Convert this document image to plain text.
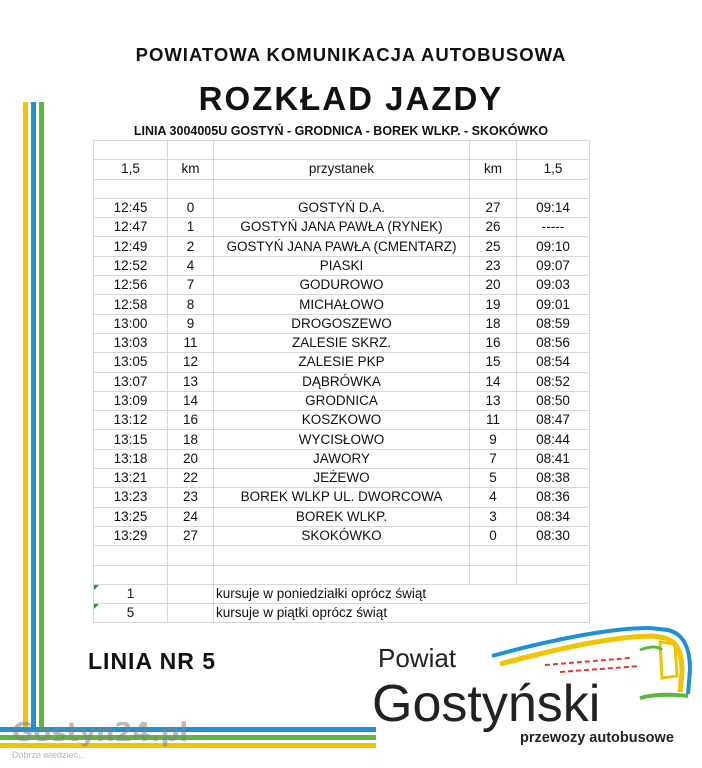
POWIATOWA KOMUNIKACJA AUTOBUSOWA
ROZKŁAD JAZDY
LINIA 3004005U GOSTYŃ - GRODNICA - BOREK WLKP. - SKOKÓWKO

1,5	km	przystanek	km	1,5

12:45	0	GOSTYŃ D.A.	27	09:14
12:47	1	GOSTYŃ JANA PAWŁA (RYNEK)	26	-----
12:49	2	GOSTYŃ JANA PAWŁA (CMENTARZ)	25	09:10
12:52	4	PIASKI	23	09:07
12:56	7	GODUROWO	20	09:03
12:58	8	MICHAŁOWO	19	09:01
13:00	9	DROGOSZEWO	18	08:59
13:03	11	ZALESIE SKRZ.	16	08:56
13:05	12	ZALESIE PKP	15	08:54
13:07	13	DĄBRÓWKA	14	08:52
13:09	14	GRODNICA	13	08:50
13:12	16	KOSZKOWO	11	08:47
13:15	18	WYCISŁOWO	9	08:44
13:18	20	JAWORY	7	08:41
13:21	22	JEŻEWO	5	08:38
13:23	23	BOREK WLKP UL. DWORCOWA	4	08:36
13:25	24	BOREK WLKP.	3	08:34
13:29	27	SKOKÓWKO	0	08:30

1		kursuje w poniedziałki oprócz świąt		
5		kursuje w piątki oprócz świąt		
LINIA NR 5	Powiat
Gostyński
przewozy autobusowe
Gostyn24.pl
Dobrze wiedzieć...
